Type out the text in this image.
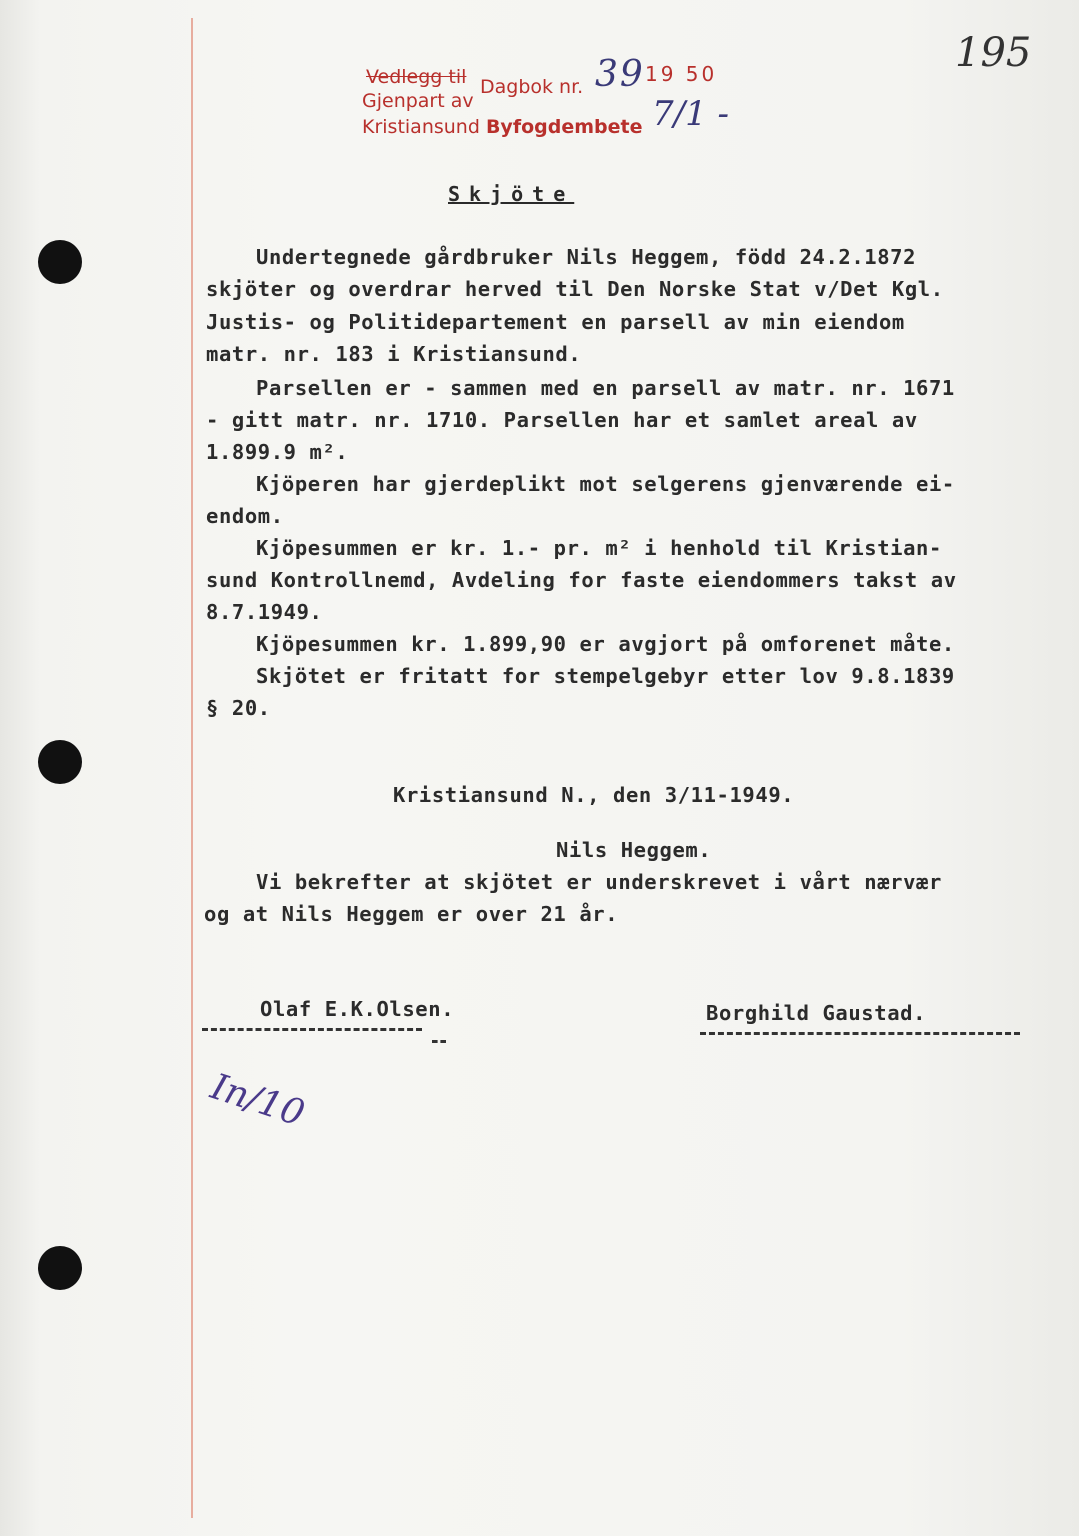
Vedlegg til Dagbok nr.
Gjenpart av
Kristiansund Byfogdembete
39 19 50
7/1 -
195
Skjöte
Undertegnede gårdbruker Nils Heggem, född 24.2.1872
skjöter og overdrar herved til Den Norske Stat v/Det Kgl.
Justis- og Politidepartement en parsell av min eiendom
matr. nr. 183 i Kristiansund.
Parsellen er - sammen med en parsell av matr. nr. 1671
- gitt matr. nr. 1710. Parsellen har et samlet areal av
1.899.9 m².
Kjöperen har gjerdeplikt mot selgerens gjenværende ei-
endom.
Kjöpesummen er kr. 1.- pr. m² i henhold til Kristian-
sund Kontrollnemd, Avdeling for faste eiendommers takst av
8.7.1949.
Kjöpesummen kr. 1.899,90 er avgjort på omforenet måte.
Skjötet er fritatt for stempelgebyr etter lov 9.8.1839
§ 20.
Kristiansund N., den 3/11-1949.
Nils Heggem.
Vi bekrefter at skjötet er underskrevet i vårt nærvær
og at Nils Heggem er over 21 år.
Olaf E.K.Olsen.	Borghild Gaustad.
In/10
